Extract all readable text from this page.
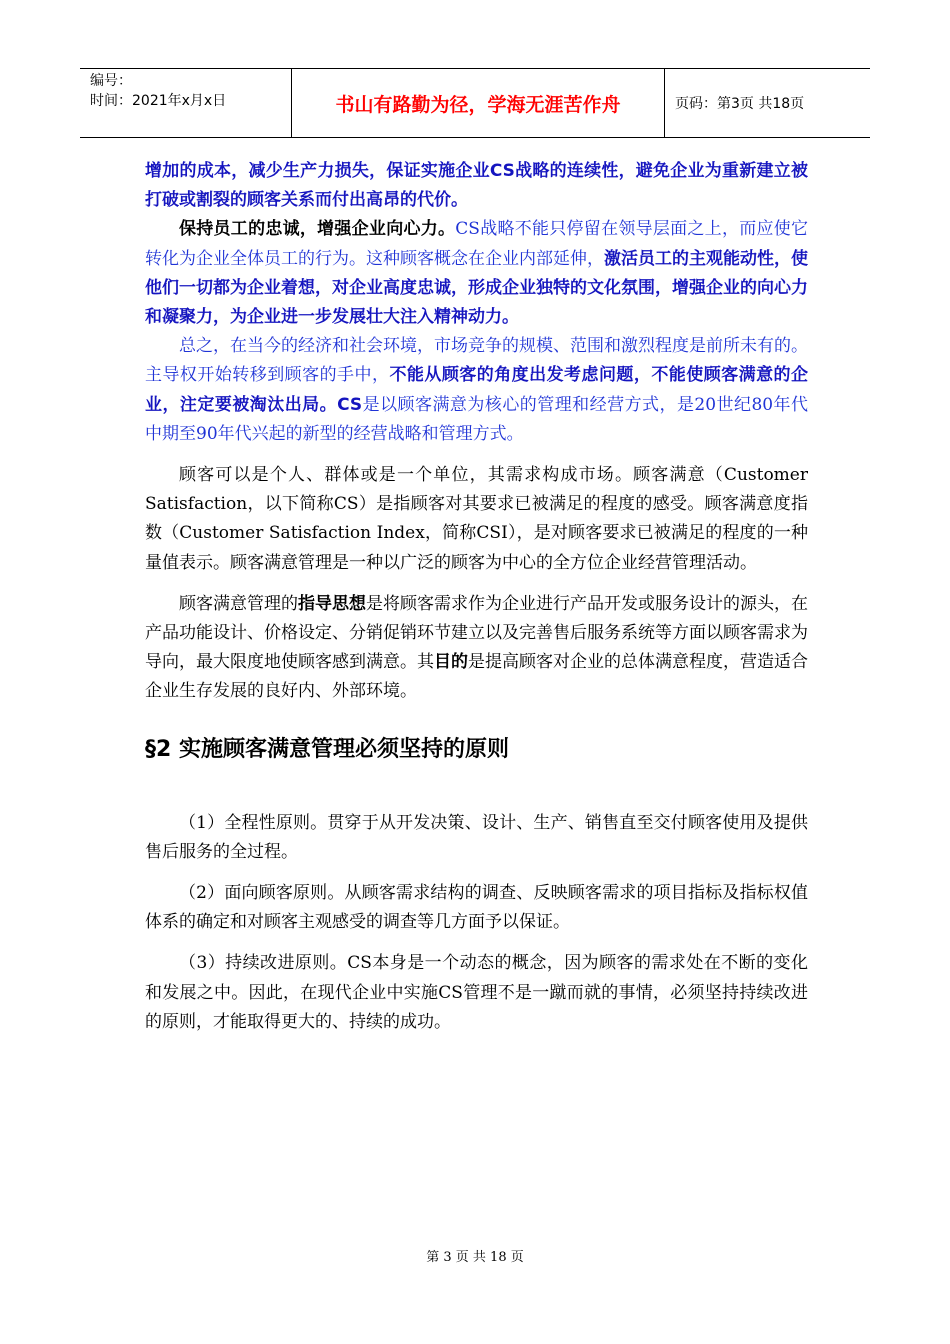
编号：
时间：2021年x月x日	书山有路勤为径，学海无涯苦作舟	页码：第3页 共18页

增加的成本，减少生产力损失，保证实施企业CS战略的连续性，避免企业为重新建立被打破或割裂的顾客关系而付出高昂的代价。

保持员工的忠诚，增强企业向心力。CS战略不能只停留在领导层面之上，而应使它转化为企业全体员工的行为。这种顾客概念在企业内部延伸，激活员工的主观能动性，使他们一切都为企业着想，对企业高度忠诚，形成企业独特的文化氛围，增强企业的向心力和凝聚力，为企业进一步发展壮大注入精神动力。

总之，在当今的经济和社会环境，市场竞争的规模、范围和激烈程度是前所未有的。主导权开始转移到顾客的手中，不能从顾客的角度出发考虑问题，不能使顾客满意的企业，注定要被淘汰出局。CS是以顾客满意为核心的管理和经营方式，是20世纪80年代中期至90年代兴起的新型的经营战略和管理方式。

顾客可以是个人、群体或是一个单位，其需求构成市场。顾客满意（Customer Satisfaction，以下简称CS）是指顾客对其要求已被满足的程度的感受。顾客满意度指数（Customer Satisfaction Index，简称CSI），是对顾客要求已被满足的程度的一种量值表示。顾客满意管理是一种以广泛的顾客为中心的全方位企业经营管理活动。

顾客满意管理的指导思想是将顾客需求作为企业进行产品开发或服务设计的源头，在产品功能设计、价格设定、分销促销环节建立以及完善售后服务系统等方面以顾客需求为导向，最大限度地使顾客感到满意。其目的是提高顾客对企业的总体满意程度，营造适合企业生存发展的良好内、外部环境。

§2 实施顾客满意管理必须坚持的原则

（1）全程性原则。贯穿于从开发决策、设计、生产、销售直至交付顾客使用及提供售后服务的全过程。

（2）面向顾客原则。从顾客需求结构的调查、反映顾客需求的项目指标及指标权值体系的确定和对顾客主观感受的调查等几方面予以保证。

（3）持续改进原则。CS本身是一个动态的概念，因为顾客的需求处在不断的变化和发展之中。因此，在现代企业中实施CS管理不是一蹴而就的事情，必须坚持持续改进的原则，才能取得更大的、持续的成功。

第 3 页 共 18 页
